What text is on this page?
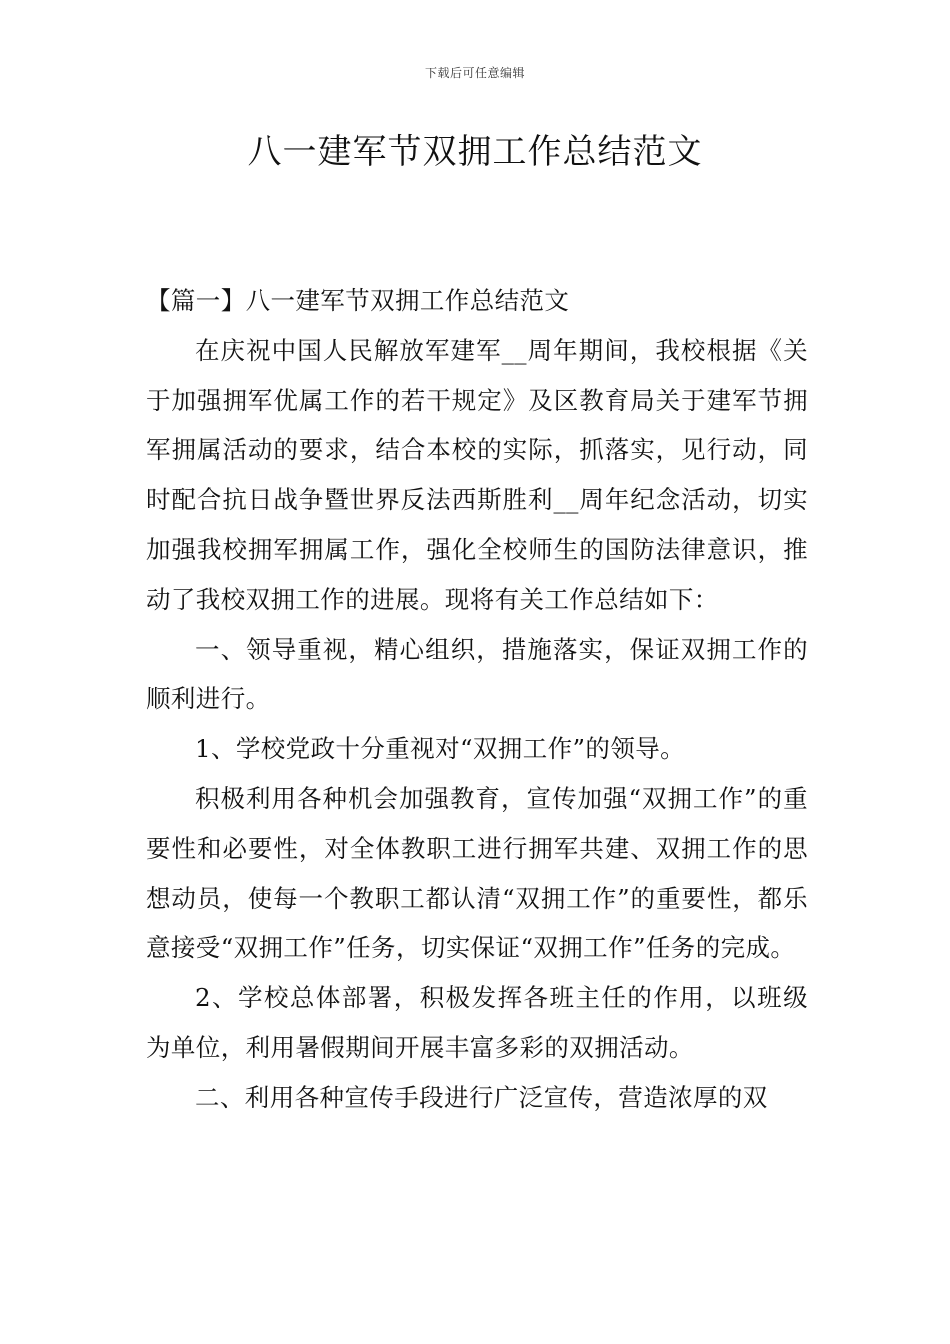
下载后可任意编辑
八一建军节双拥工作总结范文

【篇一】八一建军节双拥工作总结范文

在庆祝中国人民解放军建军__周年期间，我校根据《关于加强拥军优属工作的若干规定》及区教育局关于建军节拥军拥属活动的要求，结合本校的实际，抓落实，见行动，同时配合抗日战争暨世界反法西斯胜利__周年纪念活动，切实加强我校拥军拥属工作，强化全校师生的国防法律意识，推动了我校双拥工作的进展。现将有关工作总结如下：

一、领导重视，精心组织，措施落实，保证双拥工作的顺利进行。

1、学校党政十分重视对“双拥工作”的领导。

积极利用各种机会加强教育，宣传加强“双拥工作”的重要性和必要性，对全体教职工进行拥军共建、双拥工作的思想动员，使每一个教职工都认清“双拥工作”的重要性，都乐意接受“双拥工作”任务，切实保证“双拥工作”任务的完成。

2、学校总体部署，积极发挥各班主任的作用，以班级为单位，利用暑假期间开展丰富多彩的双拥活动。

二、利用各种宣传手段进行广泛宣传，营造浓厚的双
